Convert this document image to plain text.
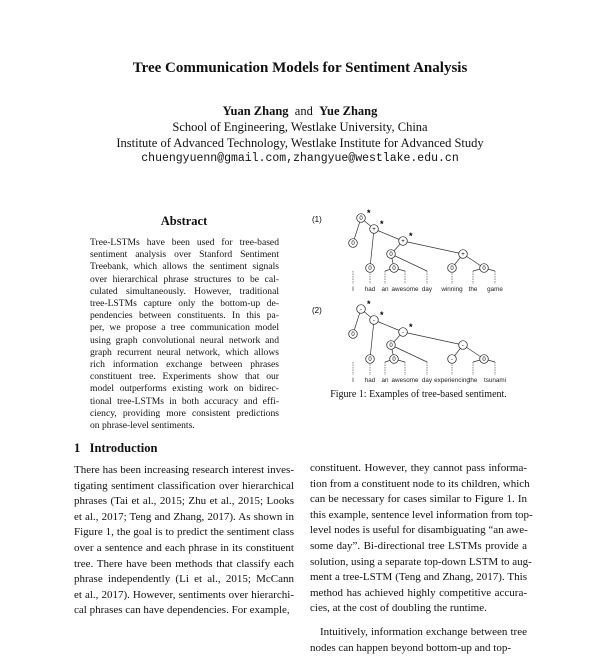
Tree Communication Models for Sentiment Analysis
Yuan Zhang and Yue Zhang
School of Engineering, Westlake University, China
Institute of Advanced Technology, Westlake Institute for Advanced Study
chuengyuenn@gmail.com,zhangyue@westlake.edu.cn
Abstract
Tree-LSTMs have been used for tree-based
sentiment analysis over Stanford Sentiment
Treebank, which allows the sentiment signals
over hierarchical phrase structures to be cal-
culated simultaneously. However, traditional
tree-LSTMs capture only the bottom-up de-
pendencies between constituents. In this pa-
per, we propose a tree communication model
using graph convolutional neural network and
graph recurrent neural network, which allows
rich information exchange between phrases
constituent tree. Experiments show that our
model outperforms existing work on bidirec-
tional tree-LSTMs in both accuracy and effi-
ciency, providing more consistent predictions
on phrase-level sentiments.
1 Introduction
There has been increasing research interest inves-
tigating sentiment classification over hierarchical
phrases (Tai et al., 2015; Zhu et al., 2015; Looks
et al., 2017; Teng and Zhang, 2017). As shown in
Figure 1, the goal is to predict the sentiment class
over a sentence and each phrase in its constituent
tree. There have been methods that classify each
phrase independently (Li et al., 2015; McCann
et al., 2017). However, sentiments over hierarchi-
cal phrases can have dependencies. For example,
constituent. However, they cannot pass informa-
tion from a constituent node to its children, which
can be necessary for cases similar to Figure 1. In
this example, sentence level information from top-
level nodes is useful for disambiguating “an awe-
some day”. Bi-directional tree LSTMs provide a
solution, using a separate top-down LSTM to aug-
ment a tree-LSTM (Teng and Zhang, 2017). This
method has achieved highly competitive accura-
cies, at the cost of doubling the runtime.
Intuitively, information exchange between tree
nodes can happen beyond bottom-up and top-
(1)
I had an awesome day winning the game
0
0
+
+
0
0	+
0	0	0
*
*
*
(2)
I had an awesome day experiencing
the tsunami
-
0
-
-
0
0	-
0	-	0
*
*
*
Figure 1: Examples of tree-based sentiment.
